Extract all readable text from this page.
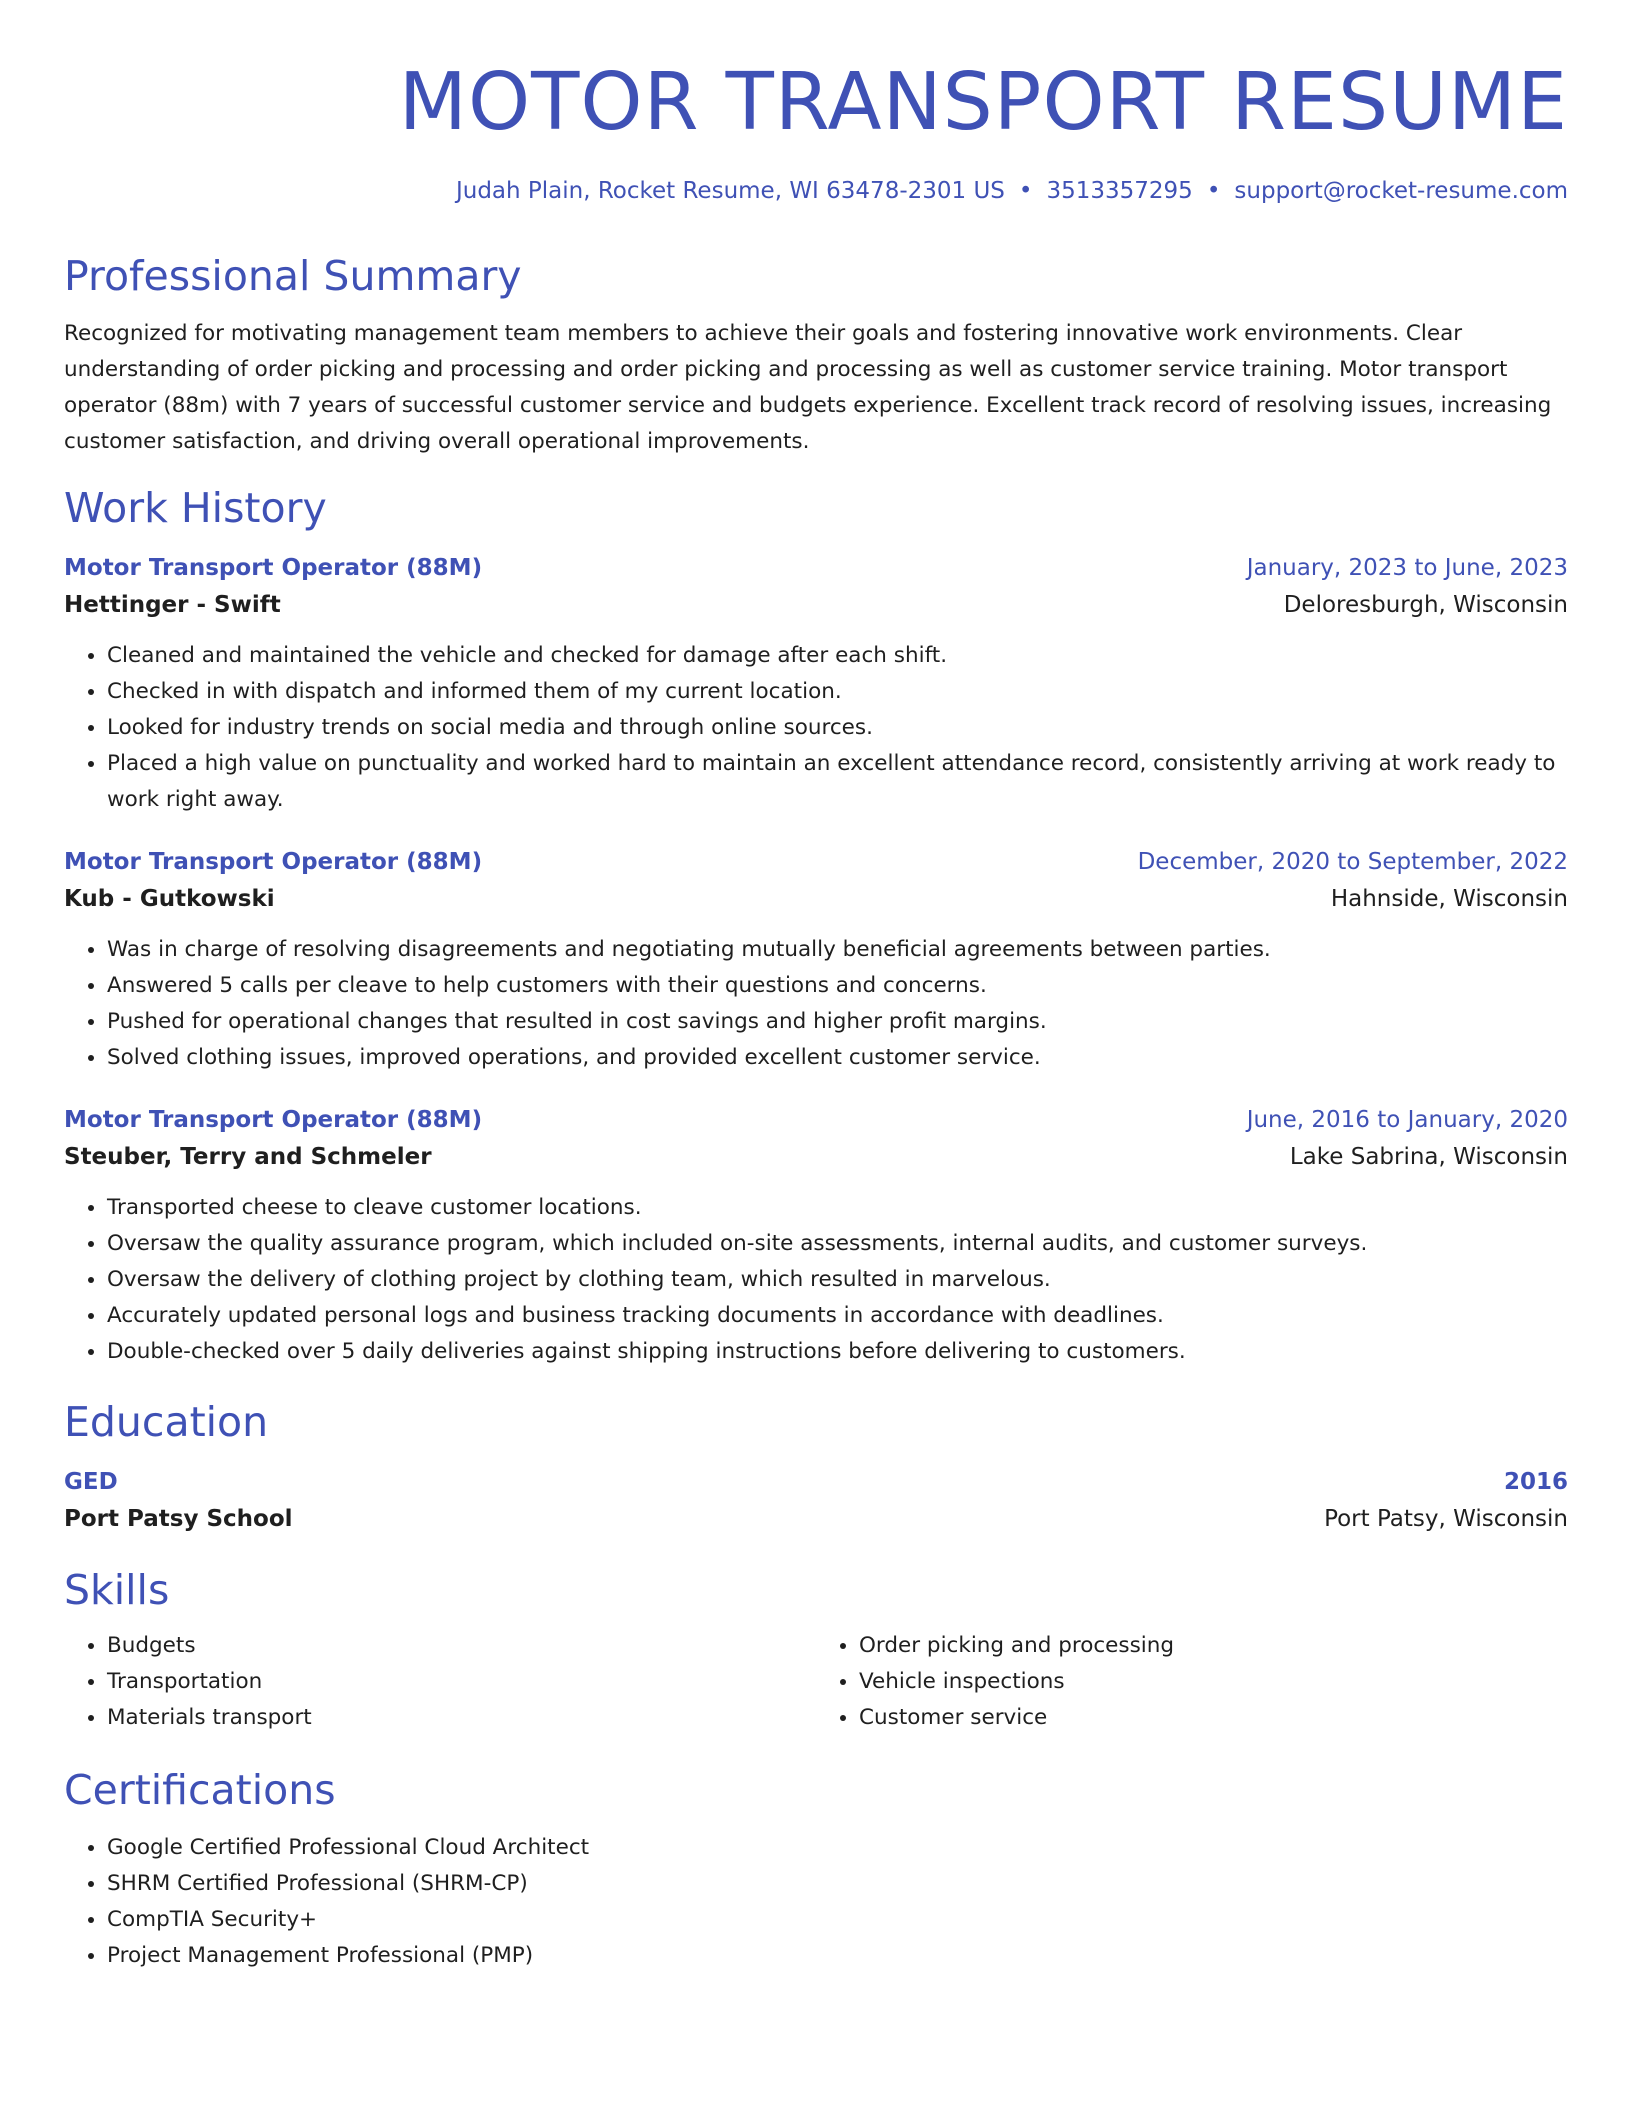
MOTOR TRANSPORT RESUME
Judah Plain, Rocket Resume, WI 63478-2301 US • 3513357295 • support@rocket-resume.com
Professional Summary
Recognized for motivating management team members to achieve their goals and fostering innovative work environments. Clear understanding of order picking and processing and order picking and processing as well as customer service training. Motor transport operator (88m) with 7 years of successful customer service and budgets experience. Excellent track record of resolving issues, increasing customer satisfaction, and driving overall operational improvements.
Work History
Motor Transport Operator (88M)	January, 2023 to June, 2023
Hettinger - Swift	Deloresburgh, Wisconsin
• Cleaned and maintained the vehicle and checked for damage after each shift.
• Checked in with dispatch and informed them of my current location.
• Looked for industry trends on social media and through online sources.
• Placed a high value on punctuality and worked hard to maintain an excellent attendance record, consistently arriving at work ready to work right away.
Motor Transport Operator (88M)	December, 2020 to September, 2022
Kub - Gutkowski	Hahnside, Wisconsin
• Was in charge of resolving disagreements and negotiating mutually beneficial agreements between parties.
• Answered 5 calls per cleave to help customers with their questions and concerns.
• Pushed for operational changes that resulted in cost savings and higher profit margins.
• Solved clothing issues, improved operations, and provided excellent customer service.
Motor Transport Operator (88M)	June, 2016 to January, 2020
Steuber, Terry and Schmeler	Lake Sabrina, Wisconsin
• Transported cheese to cleave customer locations.
• Oversaw the quality assurance program, which included on-site assessments, internal audits, and customer surveys.
• Oversaw the delivery of clothing project by clothing team, which resulted in marvelous.
• Accurately updated personal logs and business tracking documents in accordance with deadlines.
• Double-checked over 5 daily deliveries against shipping instructions before delivering to customers.
Education
GED	2016
Port Patsy School	Port Patsy, Wisconsin
Skills
• Budgets
• Transportation
• Materials transport
• Order picking and processing
• Vehicle inspections
• Customer service
Certifications
• Google Certified Professional Cloud Architect
• SHRM Certified Professional (SHRM-CP)
• CompTIA Security+
• Project Management Professional (PMP)
